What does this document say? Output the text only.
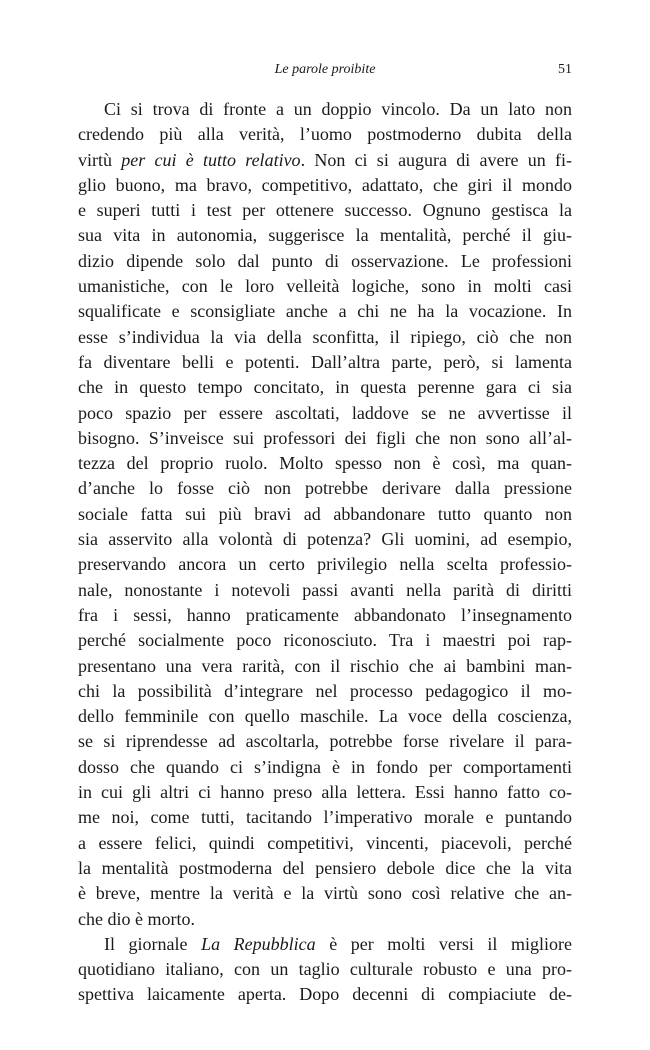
Le parole proibite	51
Ci si trova di fronte a un doppio vincolo. Da un lato non
credendo più alla verità, l’uomo postmoderno dubita della
virtù per cui è tutto relativo. Non ci si augura di avere un fi-
glio buono, ma bravo, competitivo, adattato, che giri il mondo
e superi tutti i test per ottenere successo. Ognuno gestisca la
sua vita in autonomia, suggerisce la mentalità, perché il giu-
dizio dipende solo dal punto di osservazione. Le professioni
umanistiche, con le loro velleità logiche, sono in molti casi
squalificate e sconsigliate anche a chi ne ha la vocazione. In
esse s’individua la via della sconfitta, il ripiego, ciò che non
fa diventare belli e potenti. Dall’altra parte, però, si lamenta
che in questo tempo concitato, in questa perenne gara ci sia
poco spazio per essere ascoltati, laddove se ne avvertisse il
bisogno. S’inveisce sui professori dei figli che non sono all’al-
tezza del proprio ruolo. Molto spesso non è così, ma quan-
d’anche lo fosse ciò non potrebbe derivare dalla pressione
sociale fatta sui più bravi ad abbandonare tutto quanto non
sia asservito alla volontà di potenza? Gli uomini, ad esempio,
preservando ancora un certo privilegio nella scelta professio-
nale, nonostante i notevoli passi avanti nella parità di diritti
fra i sessi, hanno praticamente abbandonato l’insegnamento
perché socialmente poco riconosciuto. Tra i maestri poi rap-
presentano una vera rarità, con il rischio che ai bambini man-
chi la possibilità d’integrare nel processo pedagogico il mo-
dello femminile con quello maschile. La voce della coscienza,
se si riprendesse ad ascoltarla, potrebbe forse rivelare il para-
dosso che quando ci s’indigna è in fondo per comportamenti
in cui gli altri ci hanno preso alla lettera. Essi hanno fatto co-
me noi, come tutti, tacitando l’imperativo morale e puntando
a essere felici, quindi competitivi, vincenti, piacevoli, perché
la mentalità postmoderna del pensiero debole dice che la vita
è breve, mentre la verità e la virtù sono così relative che an-
che dio è morto.
Il giornale La Repubblica è per molti versi il migliore
quotidiano italiano, con un taglio culturale robusto e una pro-
spettiva laicamente aperta. Dopo decenni di compiaciute de-
